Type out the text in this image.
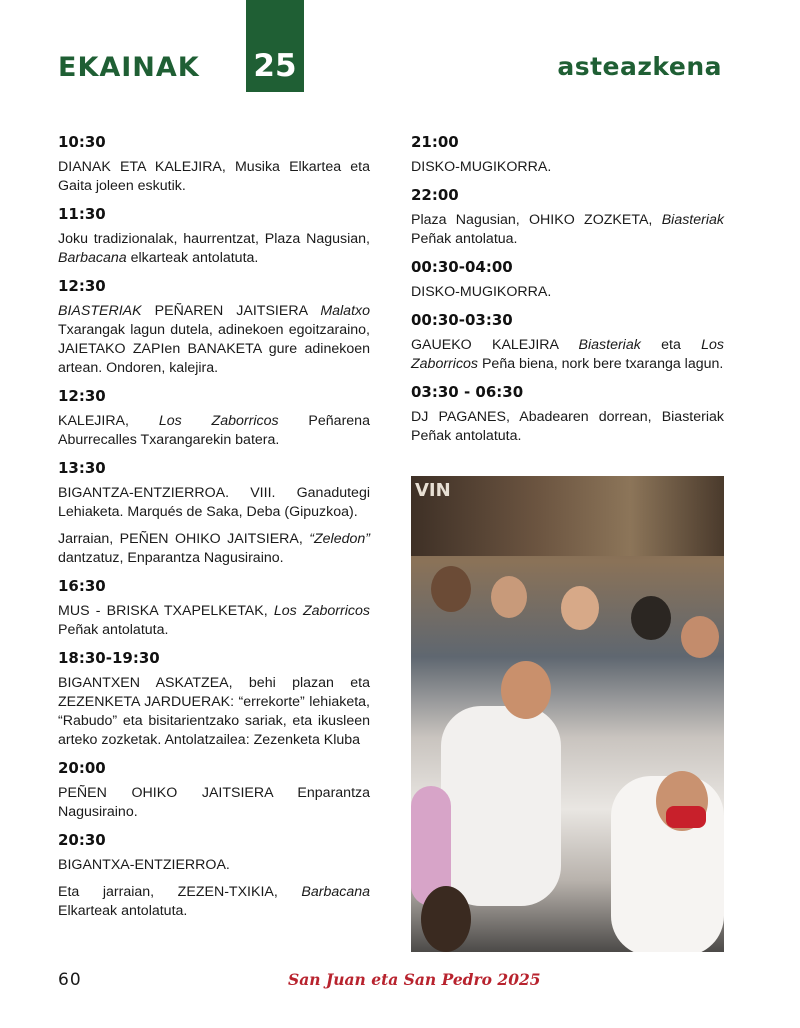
EKAINAK 25	asteazkena
10:30

DIANAK ETA KALEJIRA, Musika Elkartea eta Gaita joleen eskutik.

11:30

Joku tradizionalak, haurrentzat, Plaza Nagusian, Barbacana elkarteak antolatuta.

12:30

BIASTERIAK PEÑAREN JAITSIERA Malatxo Txarangak lagun dutela, adinekoen egoitzaraino, JAIETAKO ZAPIen BANAKETA gure adinekoen artean. Ondoren, kalejira.

12:30

KALEJIRA, Los Zaborricos Peñarena Aburrecalles Txarangarekin batera.

13:30

BIGANTZA-ENTZIERROA. VIII. Ganadutegi Lehiaketa. Marqués de Saka, Deba (Gipuzkoa).

Jarraian, PEÑEN OHIKO JAITSIERA, “Zeledon” dantzatuz, Enparantza Nagusiraino.

16:30

MUS - BRISKA TXAPELKETAK, Los Zaborricos Peñak antolatuta.

18:30-19:30

BIGANTXEN ASKATZEA, behi plazan eta ZEZENKETA JARDUERAK: “errekorte” lehiaketa, “Rabudo” eta bisitarientzako sariak, eta ikusleen arteko zozketak. Antolatzailea: Zezenketa Kluba

20:00

PEÑEN OHIKO JAITSIERA Enparantza Nagusiraino.

20:30

BIGANTXA-ENTZIERROA.

Eta jarraian, ZEZEN-TXIKIA, Barbacana Elkarteak antolatuta.

21:00

DISKO-MUGIKORRA.

22:00

Plaza Nagusian, OHIKO ZOZKETA, Biasteriak Peñak antolatua.

00:30-04:00

DISKO-MUGIKORRA.

00:30-03:30

GAUEKO KALEJIRA Biasteriak eta Los Zaborricos Peña biena, nork bere txaranga lagun.

03:30 - 06:30

DJ PAGANES, Abadearen dorrean, Biasteriak Peñak antolatuta.

VIN
60	San Juan eta San Pedro 2025
